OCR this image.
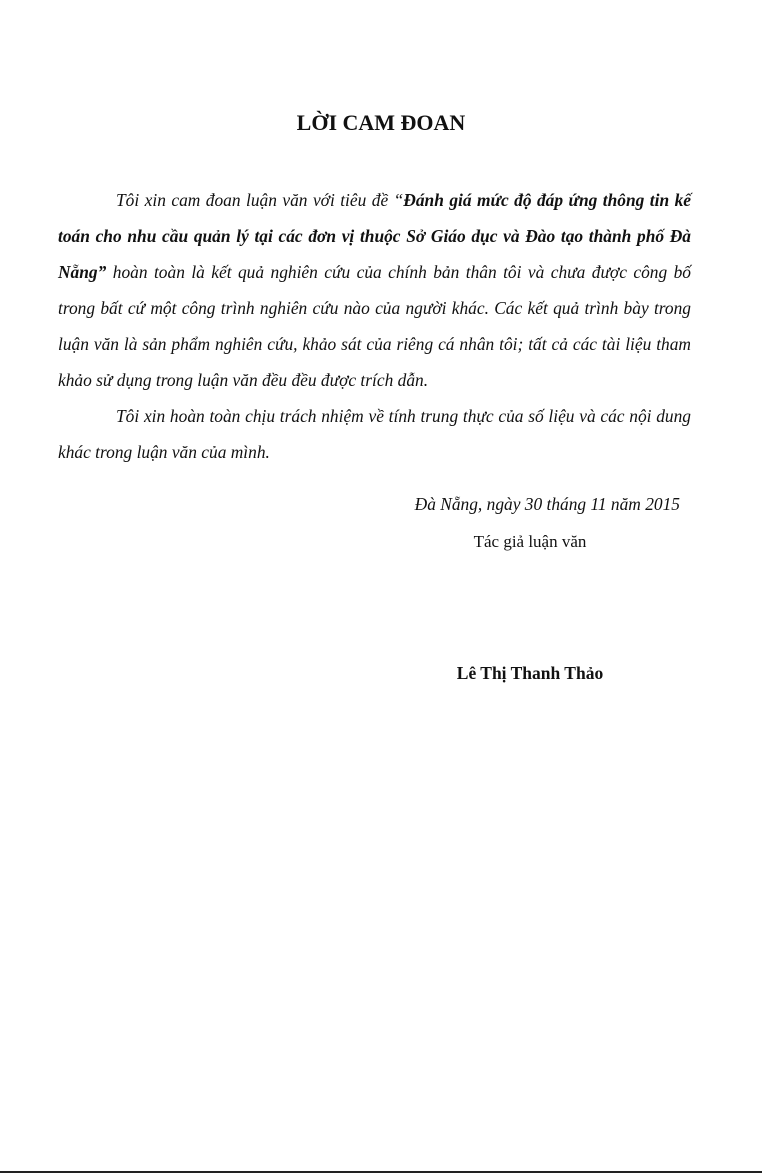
LỜI CAM ĐOAN

Tôi xin cam đoan luận văn với tiêu đề “Đánh giá mức độ đáp ứng thông tin kế toán cho nhu cầu quản lý tại các đơn vị thuộc Sở Giáo dục và Đào tạo thành phố Đà Nẵng” hoàn toàn là kết quả nghiên cứu của chính bản thân tôi và chưa được công bố trong bất cứ một công trình nghiên cứu nào của người khác. Các kết quả trình bày trong luận văn là sản phẩm nghiên cứu, khảo sát của riêng cá nhân tôi; tất cả các tài liệu tham khảo sử dụng trong luận văn đều đều được trích dẫn.

Tôi xin hoàn toàn chịu trách nhiệm về tính trung thực của số liệu và các nội dung khác trong luận văn của mình.

Đà Nẵng, ngày 30 tháng 11 năm 2015
Tác giả luận văn
Lê Thị Thanh Thảo
